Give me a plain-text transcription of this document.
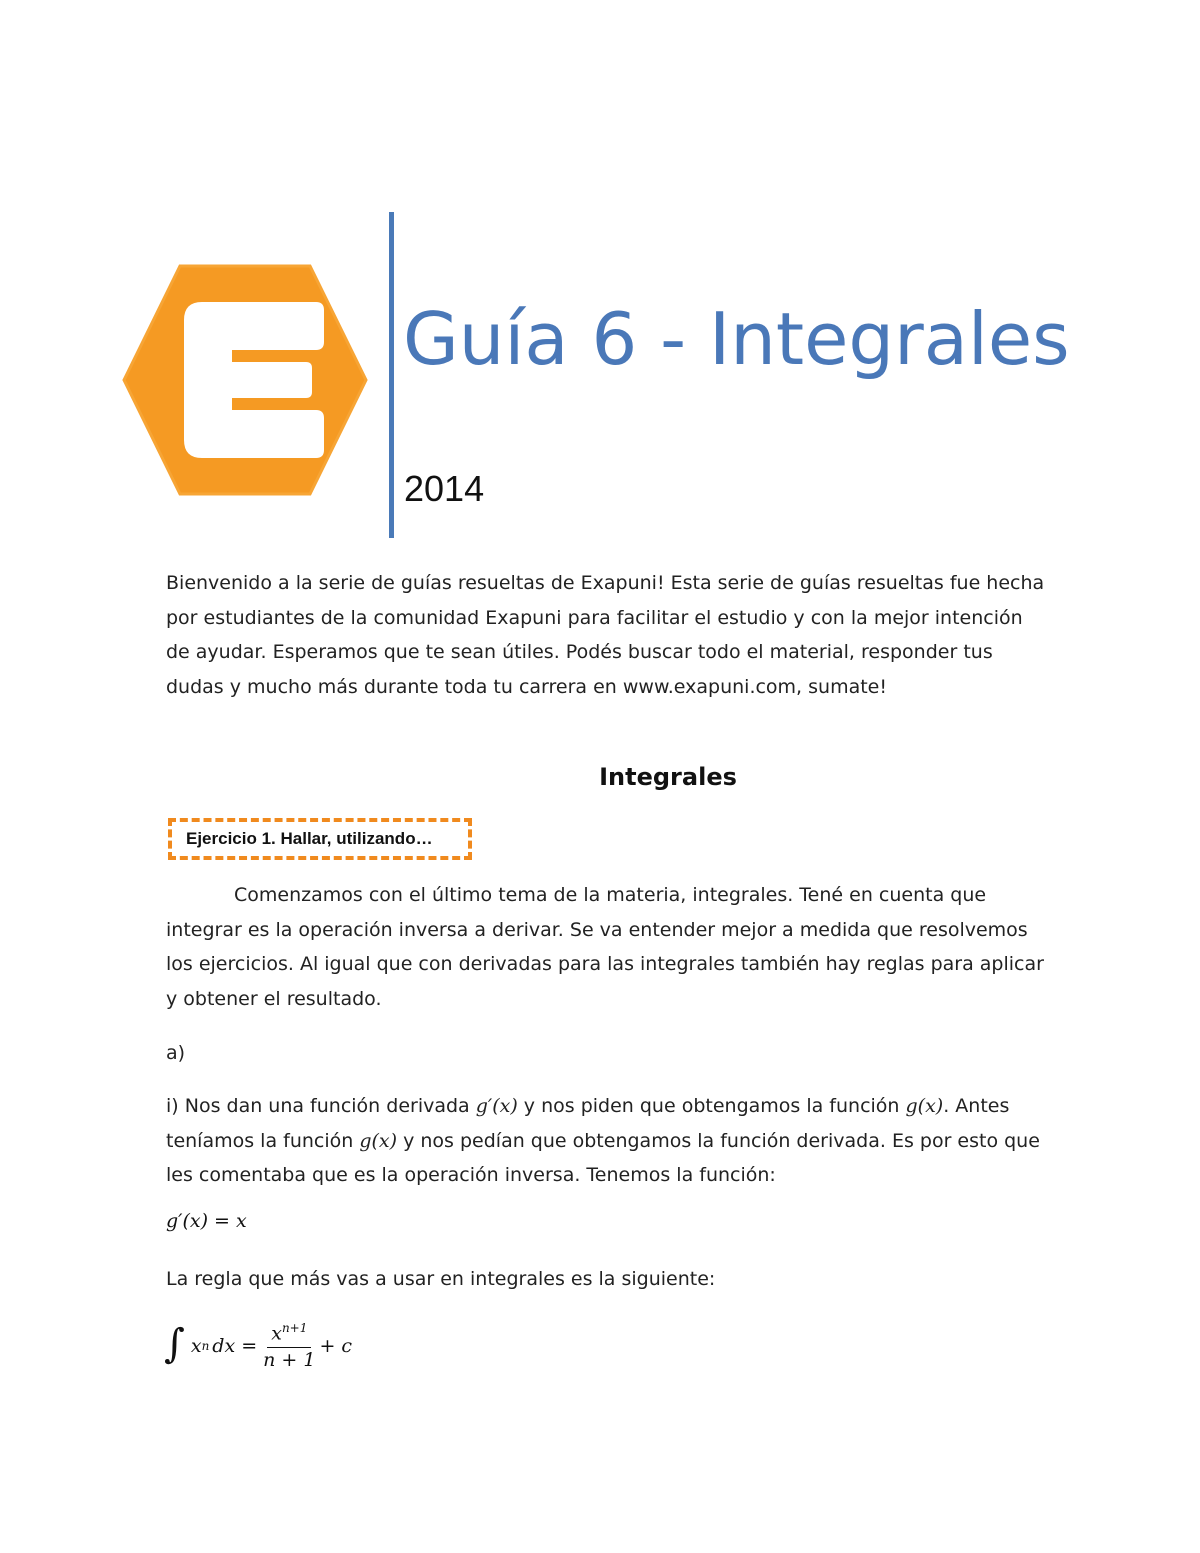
Guía 6 - Integrales
2014
Bienvenido a la serie de guías resueltas de Exapuni! Esta serie de guías resueltas fue hecha por estudiantes de la comunidad Exapuni para facilitar el estudio y con la mejor intención de ayudar. Esperamos que te sean útiles. Podés buscar todo el material, responder tus dudas y mucho más durante toda tu carrera en www.exapuni.com, sumate!
Integrales
Ejercicio 1. Hallar, utilizando…
Comenzamos con el último tema de la materia, integrales. Tené en cuenta que integrar es la operación inversa a derivar. Se va entender mejor a medida que resolvemos los ejercicios. Al igual que con derivadas para las integrales también hay reglas para aplicar y obtener el resultado.
a)
i) Nos dan una función derivada g′(x) y nos piden que obtengamos la función g(x). Antes teníamos la función g(x) y nos pedían que obtengamos la función derivada. Es por esto que les comentaba que es la operación inversa. Tenemos la función:
g′(x) = x
La regla que más vas a usar en integrales es la siguiente:
∫ x n dx = $\frac{x^{n+1}}{n + 1} + c$
